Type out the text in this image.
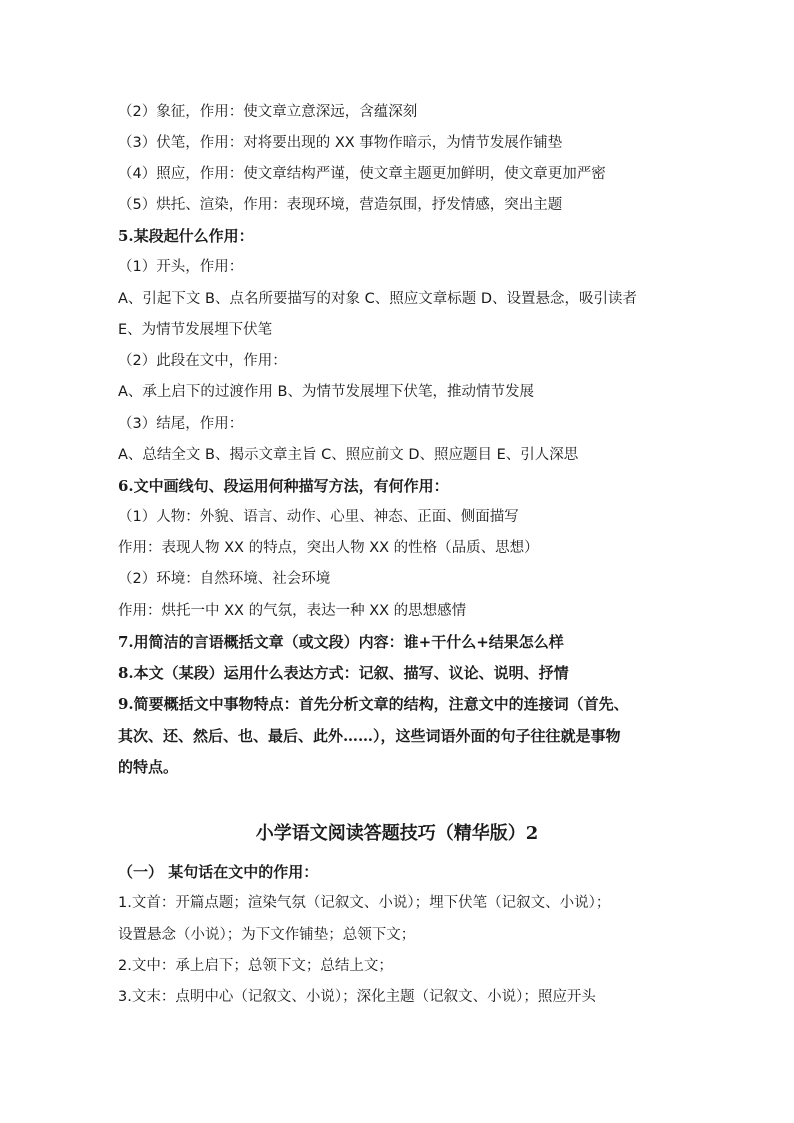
（2）象征，作用：使文章立意深远，含蕴深刻
（3）伏笔，作用：对将要出现的 XX 事物作暗示，为情节发展作铺垫
（4）照应，作用：使文章结构严谨，使文章主题更加鲜明，使文章更加严密
（5）烘托、渲染，作用：表现环境，营造氛围，抒发情感，突出主题
5.某段起什么作用：
（1）开头，作用：
A、引起下文 B、点名所要描写的对象 C、照应文章标题 D、设置悬念，吸引读者
E、为情节发展埋下伏笔
（2）此段在文中，作用：
A、承上启下的过渡作用 B、为情节发展埋下伏笔，推动情节发展
（3）结尾，作用：
A、总结全文 B、揭示文章主旨 C、照应前文 D、照应题目 E、引人深思
6.文中画线句、段运用何种描写方法，有何作用：
（1）人物：外貌、语言、动作、心里、神态、正面、侧面描写
作用：表现人物 XX 的特点，突出人物 XX 的性格（品质、思想）
（2）环境：自然环境、社会环境
作用：烘托一中 XX 的气氛，表达一种 XX 的思想感情
7.用简洁的言语概括文章（或文段）内容：谁+干什么+结果怎么样
8.本文（某段）运用什么表达方式：记叙、描写、议论、说明、抒情
9.简要概括文中事物特点：首先分析文章的结构，注意文中的连接词（首先、
其次、还、然后、也、最后、此外……），这些词语外面的句子往往就是事物
的特点。
小学语文阅读答题技巧（精华版）2
（一） 某句话在文中的作用：
1.文首：开篇点题；渲染气氛（记叙文、小说）；埋下伏笔（记叙文、小说）；
设置悬念（小说）；为下文作铺垫；总领下文；
2.文中：承上启下；总领下文；总结上文；
3.文末：点明中心（记叙文、小说）；深化主题（记叙文、小说）；照应开头
